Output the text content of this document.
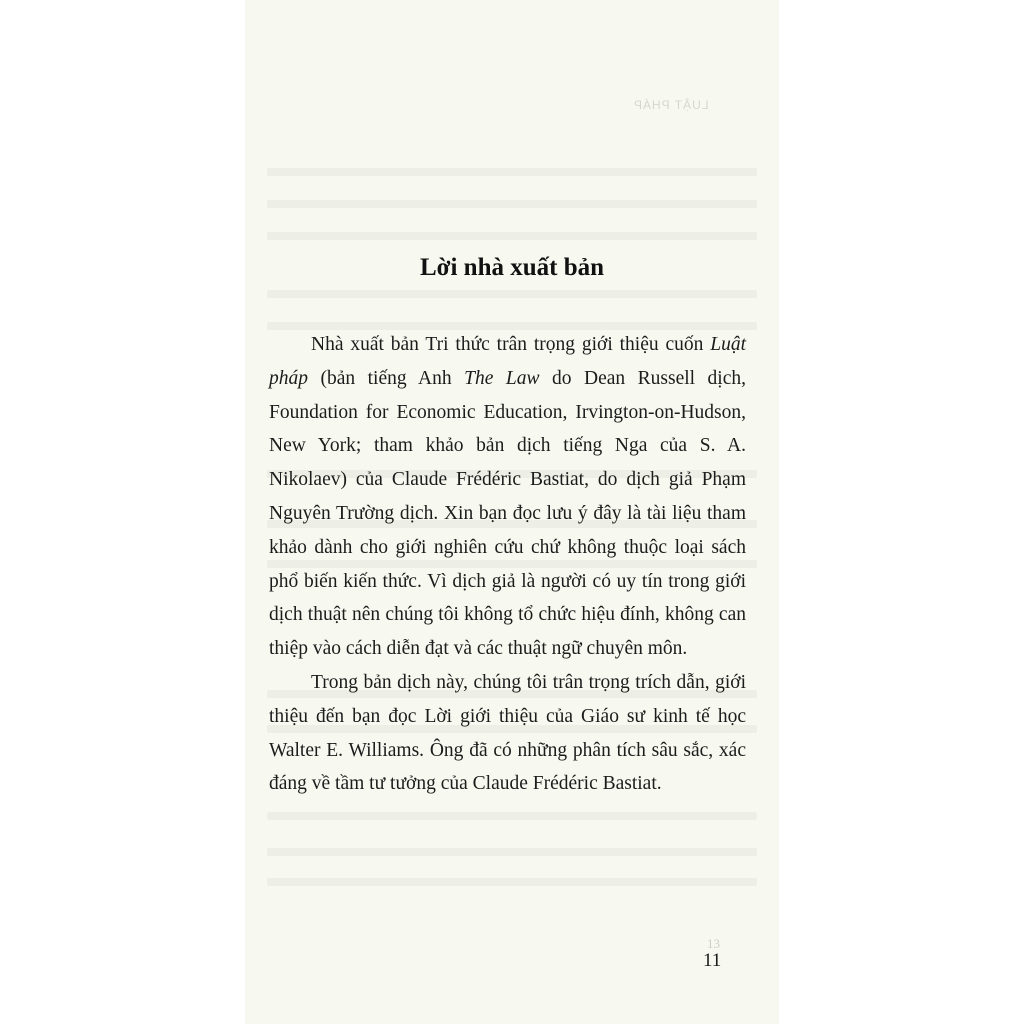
LUẬT PHÁP
13
Lời nhà xuất bản

Nhà xuất bản Tri thức trân trọng giới thiệu cuốn Luật pháp (bản tiếng Anh The Law do Dean Russell dịch, Foundation for Economic Education, Irvington-on-Hudson, New York; tham khảo bản dịch tiếng Nga của S. A. Nikolaev) của Claude Frédéric Bastiat, do dịch giả Phạm Nguyên Trường dịch. Xin bạn đọc lưu ý đây là tài liệu tham khảo dành cho giới nghiên cứu chứ không thuộc loại sách phổ biến kiến thức. Vì dịch giả là người có uy tín trong giới dịch thuật nên chúng tôi không tổ chức hiệu đính, không can thiệp vào cách diễn đạt và các thuật ngữ chuyên môn.

Trong bản dịch này, chúng tôi trân trọng trích dẫn, giới thiệu đến bạn đọc Lời giới thiệu của Giáo sư kinh tế học Walter E. Williams. Ông đã có những phân tích sâu sắc, xác đáng về tầm tư tưởng của Claude Frédéric Bastiat.

11
